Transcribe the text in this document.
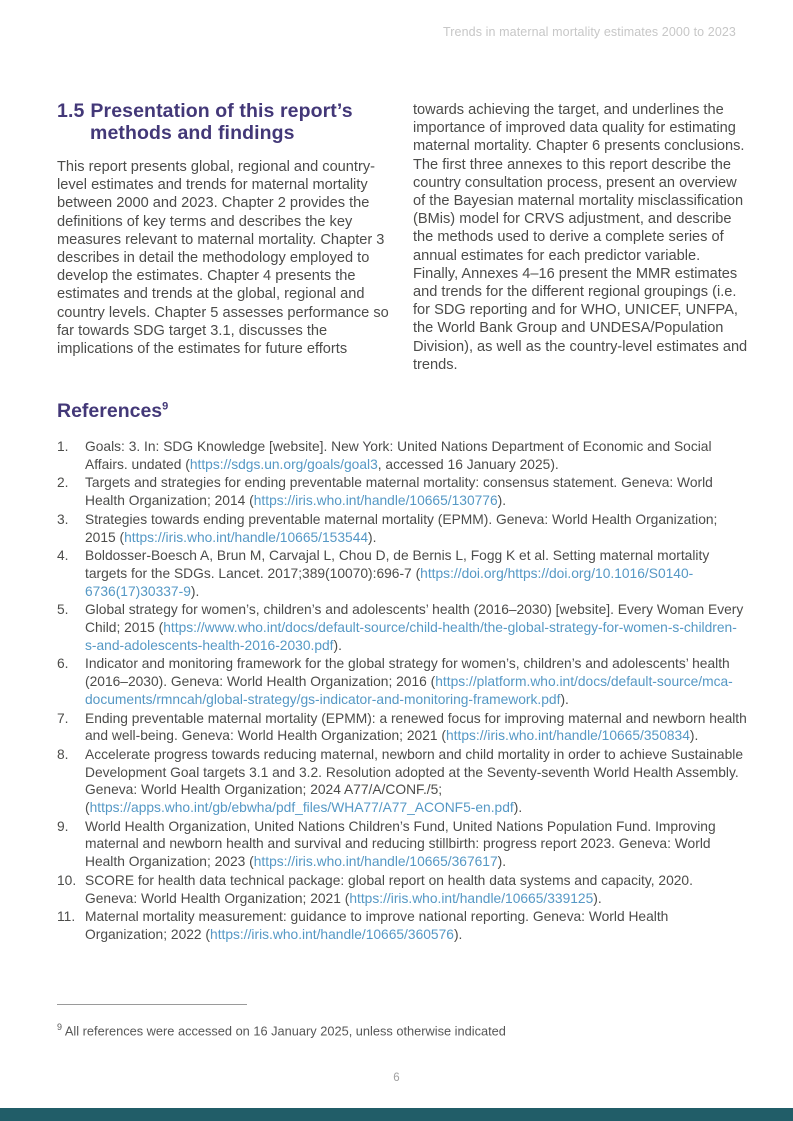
Trends in maternal mortality estimates 2000 to 2023
1.5 Presentation of this report’s methods and findings

This report presents global, regional and country-level estimates and trends for maternal mortality between 2000 and 2023. Chapter 2 provides the definitions of key terms and describes the key measures relevant to maternal mortality. Chapter 3 describes in detail the methodology employed to develop the estimates. Chapter 4 presents the estimates and trends at the global, regional and country levels. Chapter 5 assesses performance so far towards SDG target 3.1, discusses the implications of the estimates for future efforts

towards achieving the target, and underlines the importance of improved data quality for estimating maternal mortality. Chapter 6 presents conclusions. The first three annexes to this report describe the country consultation process, present an overview of the Bayesian maternal mortality misclassification (BMis) model for CRVS adjustment, and describe the methods used to derive a complete series of annual estimates for each predictor variable. Finally, Annexes 4–16 present the MMR estimates and trends for the different regional groupings (i.e. for SDG reporting and for WHO, UNICEF, UNFPA, the World Bank Group and UNDESA/Population Division), as well as the country-level estimates and trends.

References$^9$
1.	Goals: 3. In: SDG Knowledge [website]. New York: United Nations Department of Economic and Social Affairs. undated (https://sdgs.un.org/goals/goal3, accessed 16 January 2025).
2.	Targets and strategies for ending preventable maternal mortality: consensus statement. Geneva: World Health Organization; 2014 (https://iris.who.int/handle/10665/130776).
3.	Strategies towards ending preventable maternal mortality (EPMM). Geneva: World Health Organization; 2015 (https://iris.who.int/handle/10665/153544).
4.	Boldosser-Boesch A, Brun M, Carvajal L, Chou D, de Bernis L, Fogg K et al. Setting maternal mortality targets for the SDGs. Lancet. 2017;389(10070):696-7 (https://doi.org/https://doi.org/10.1016/S0140-6736(17)30337-9).
5.	Global strategy for women’s, children’s and adolescents’ health (2016–2030) [website]. Every Woman Every Child; 2015 (https://www.who.int/docs/default-source/child-health/the-global-strategy-for-women-s-children-s-and-adolescents-health-2016-2030.pdf).
6.	Indicator and monitoring framework for the global strategy for women’s, children’s and adolescents’ health (2016–2030). Geneva: World Health Organization; 2016 (https://platform.who.int/docs/default-source/mca-documents/rmncah/global-strategy/gs-indicator-and-monitoring-framework.pdf).
7.	Ending preventable maternal mortality (EPMM): a renewed focus for improving maternal and newborn health and well-being. Geneva: World Health Organization; 2021 (https://iris.who.int/handle/10665/350834).
8.	Accelerate progress towards reducing maternal, newborn and child mortality in order to achieve Sustainable Development Goal targets 3.1 and 3.2. Resolution adopted at the Seventy-seventh World Health Assembly. Geneva: World Health Organization; 2024 A77/A/CONF./5; (https://apps.who.int/gb/ebwha/pdf_files/WHA77/A77_ACONF5-en.pdf).
9.	World Health Organization, United Nations Children’s Fund, United Nations Population Fund. Improving maternal and newborn health and survival and reducing stillbirth: progress report 2023. Geneva: World Health Organization; 2023 (https://iris.who.int/handle/10665/367617).
10. SCORE for health data technical package: global report on health data systems and capacity, 2020. Geneva: World Health Organization; 2021 (https://iris.who.int/handle/10665/339125).
11. Maternal mortality measurement: guidance to improve national reporting. Geneva: World Health Organization; 2022 (https://iris.who.int/handle/10665/360576).
$^9$ All references were accessed on 16 January 2025, unless otherwise indicated
6
